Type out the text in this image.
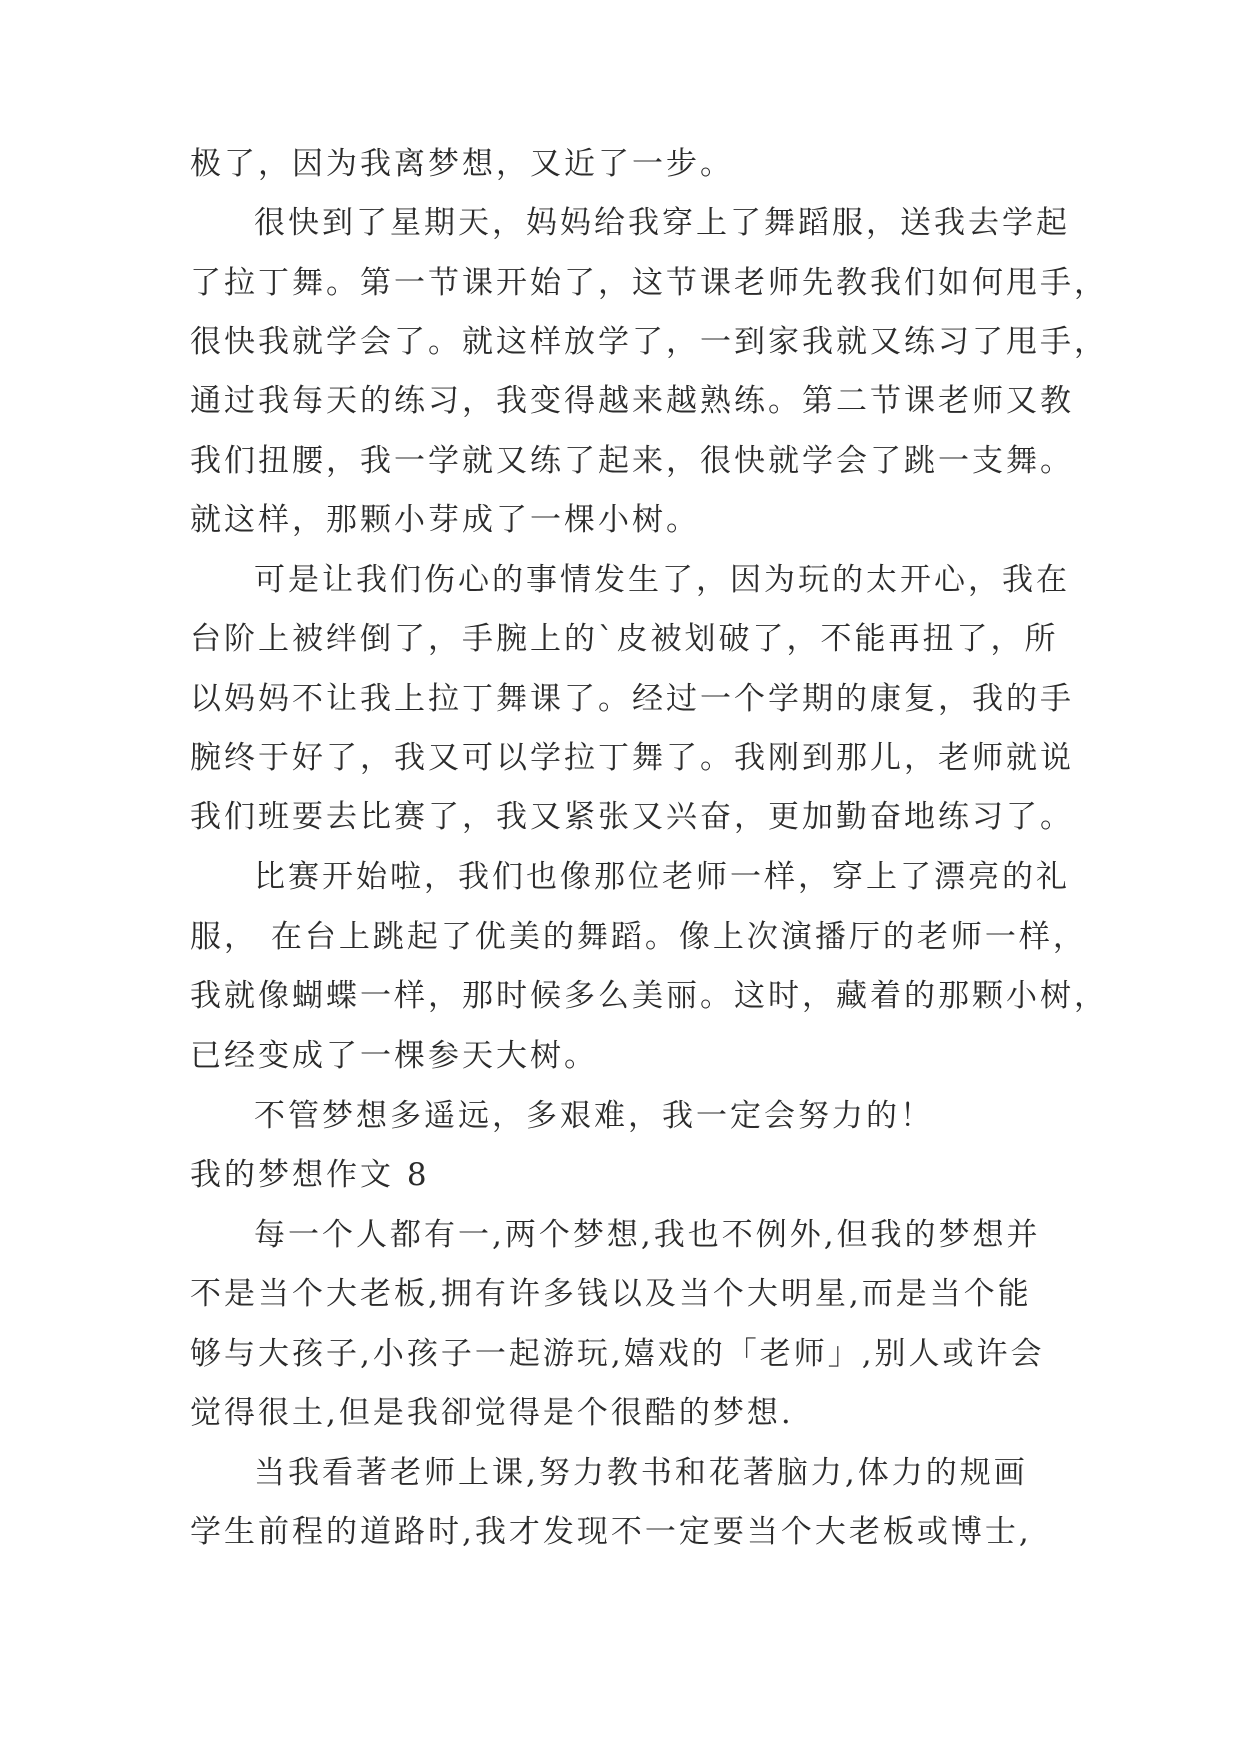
极了，因为我离梦想，又近了一步。
很快到了星期天，妈妈给我穿上了舞蹈服，送我去学起
了拉丁舞。第一节课开始了，这节课老师先教我们如何甩手，
很快我就学会了。就这样放学了，一到家我就又练习了甩手，
通过我每天的练习，我变得越来越熟练。第二节课老师又教
我们扭腰，我一学就又练了起来，很快就学会了跳一支舞。
就这样，那颗小芽成了一棵小树。
可是让我们伤心的事情发生了，因为玩的太开心，我在
台阶上被绊倒了，手腕上的`皮被划破了，不能再扭了，所
以妈妈不让我上拉丁舞课了。经过一个学期的康复，我的手
腕终于好了，我又可以学拉丁舞了。我刚到那儿，老师就说
我们班要去比赛了，我又紧张又兴奋，更加勤奋地练习了。
比赛开始啦，我们也像那位老师一样，穿上了漂亮的礼
服， 在台上跳起了优美的舞蹈。像上次演播厅的老师一样，
我就像蝴蝶一样，那时候多么美丽。这时，藏着的那颗小树，
已经变成了一棵参天大树。
不管梦想多遥远，多艰难，我一定会努力的！
我的梦想作文 8
每一个人都有一,两个梦想,我也不例外,但我的梦想并
不是当个大老板,拥有许多钱以及当个大明星,而是当个能
够与大孩子,小孩子一起游玩,嬉戏的「老师」,别人或许会
觉得很土,但是我卻觉得是个很酷的梦想.
当我看著老师上课,努力教书和花著脑力,体力的规画
学生前程的道路时,我才发现不一定要当个大老板或博士,
